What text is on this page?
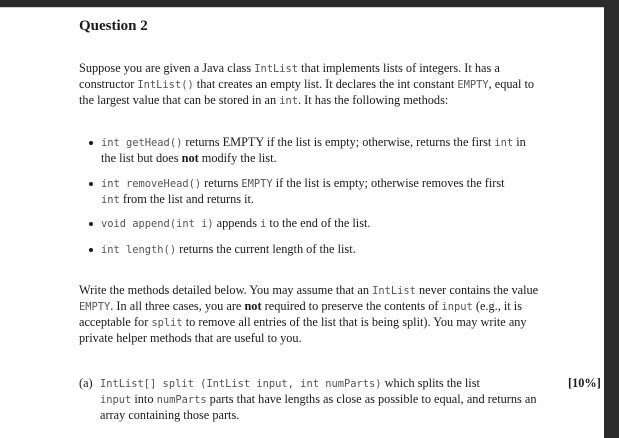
Question 2
Suppose you are given a Java class IntList that implements lists of integers. It has a
constructor IntList() that creates an empty list. It declares the int constant EMPTY, equal to
the largest value that can be stored in an int. It has the following methods:
int getHead() returns EMPTY if the list is empty; otherwise, returns the first int in
the list but does not modify the list.
int removeHead() returns EMPTY if the list is empty; otherwise removes the first
int from the list and returns it.
void append(int i) appends i to the end of the list.
int length() returns the current length of the list.
Write the methods detailed below. You may assume that an IntList never contains the value
EMPTY. In all three cases, you are not required to preserve the contents of input (e.g., it is
acceptable for split to remove all entries of the list that is being split). You may write any
private helper methods that are useful to you.
(a) IntList[] split (IntList input, int numParts) which splits the list
input into numParts parts that have lengths as close as possible to equal, and returns an
array containing those parts.
[10%]
